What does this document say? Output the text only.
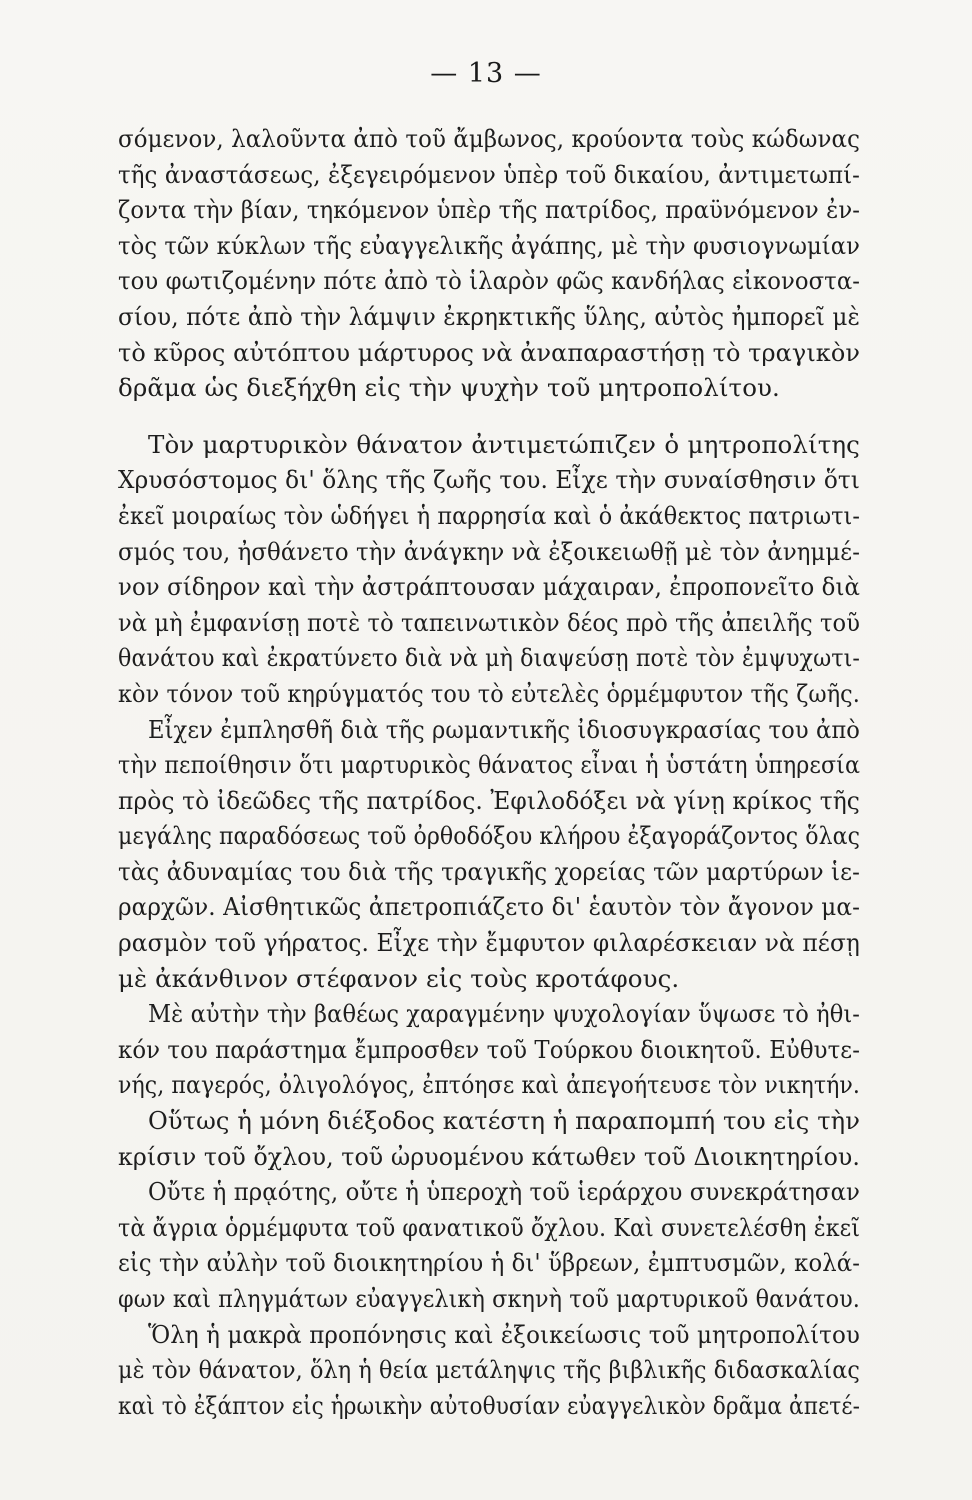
— 13 —
σόμενον, λαλοῦντα ἀπὸ τοῦ ἄμβωνος, κρούοντα τοὺς κώδωνας
τῆς ἀναστάσεως, ἐξεγειρόμενον ὑπὲρ τοῦ δικαίου, ἀντιμετωπί-
ζοντα τὴν βίαν, τηκόμενον ὑπὲρ τῆς πατρίδος, πραϋνόμενον ἐν-
τὸς τῶν κύκλων τῆς εὐαγγελικῆς ἀγάπης, μὲ τὴν φυσιογνωμίαν
του φωτιζομένην πότε ἀπὸ τὸ ἱλαρὸν φῶς κανδήλας εἰκονοστα-
σίου, πότε ἀπὸ τὴν λάμψιν ἐκρηκτικῆς ὕλης, αὐτὸς ἠμπορεῖ μὲ
τὸ κῦρος αὐτόπτου μάρτυρος νὰ ἀναπαραστήσῃ τὸ τραγικὸν
δρᾶμα ὡς διεξήχθη εἰς τὴν ψυχὴν τοῦ μητροπολίτου.
Τὸν μαρτυρικὸν θάνατον ἀντιμετώπιζεν ὁ μητροπολίτης
Χρυσόστομος δι' ὅλης τῆς ζωῆς του. Εἶχε τὴν συναίσθησιν ὅτι
ἐκεῖ μοιραίως τὸν ὡδήγει ἡ παρρησία καὶ ὁ ἀκάθεκτος πατριωτι-
σμός του, ἠσθάνετο τὴν ἀνάγκην νὰ ἐξοικειωθῇ μὲ τὸν ἀνημμέ-
νον σίδηρον καὶ τὴν ἀστράπτουσαν μάχαιραν, ἐπροπονεῖτο διὰ
νὰ μὴ ἐμφανίσῃ ποτὲ τὸ ταπεινωτικὸν δέος πρὸ τῆς ἀπειλῆς τοῦ
θανάτου καὶ ἐκρατύνετο διὰ νὰ μὴ διαψεύσῃ ποτὲ τὸν ἐμψυχωτι-
κὸν τόνον τοῦ κηρύγματός του τὸ εὐτελὲς ὁρμέμφυτον τῆς ζωῆς.
Εἶχεν ἐμπλησθῆ διὰ τῆς ρωμαντικῆς ἰδιοσυγκρασίας του ἀπὸ
τὴν πεποίθησιν ὅτι μαρτυρικὸς θάνατος εἶναι ἡ ὑστάτη ὑπηρεσία
πρὸς τὸ ἰδεῶδες τῆς πατρίδος. Ἐφιλοδόξει νὰ γίνῃ κρίκος τῆς
μεγάλης παραδόσεως τοῦ ὀρθοδόξου κλήρου ἐξαγοράζοντος ὅλας
τὰς ἀδυναμίας του διὰ τῆς τραγικῆς χορείας τῶν μαρτύρων ἱε-
ραρχῶν. Αἰσθητικῶς ἀπετροπιάζετο δι' ἑαυτὸν τὸν ἄγονον μα-
ρασμὸν τοῦ γήρατος. Εἶχε τὴν ἔμφυτον φιλαρέσκειαν νὰ πέσῃ
μὲ ἀκάνθινον στέφανον εἰς τοὺς κροτάφους.
Μὲ αὐτὴν τὴν βαθέως χαραγμένην ψυχολογίαν ὕψωσε τὸ ἠθι-
κόν του παράστημα ἔμπροσθεν τοῦ Τούρκου διοικητοῦ. Εὐθυτε-
νής, παγερός, ὀλιγολόγος, ἐπτόησε καὶ ἀπεγοήτευσε τὸν νικητήν.
Οὕτως ἡ μόνη διέξοδος κατέστη ἡ παραπομπή του εἰς τὴν
κρίσιν τοῦ ὄχλου, τοῦ ὠρυομένου κάτωθεν τοῦ Διοικητηρίου.
Οὔτε ἡ πρᾳότης, οὔτε ἡ ὑπεροχὴ τοῦ ἱεράρχου συνεκράτησαν
τὰ ἄγρια ὁρμέμφυτα τοῦ φανατικοῦ ὄχλου. Καὶ συνετελέσθη ἐκεῖ
εἰς τὴν αὐλὴν τοῦ διοικητηρίου ἡ δι' ὕβρεων, ἐμπτυσμῶν, κολά-
φων καὶ πληγμάτων εὐαγγελικὴ σκηνὴ τοῦ μαρτυρικοῦ θανάτου.
Ὅλη ἡ μακρὰ προπόνησις καὶ ἐξοικείωσις τοῦ μητροπολίτου
μὲ τὸν θάνατον, ὅλη ἡ θεία μετάληψις τῆς βιβλικῆς διδασκαλίας
καὶ τὸ ἐξάπτον εἰς ἡρωικὴν αὐτοθυσίαν εὐαγγελικὸν δρᾶμα ἀπετέ-
